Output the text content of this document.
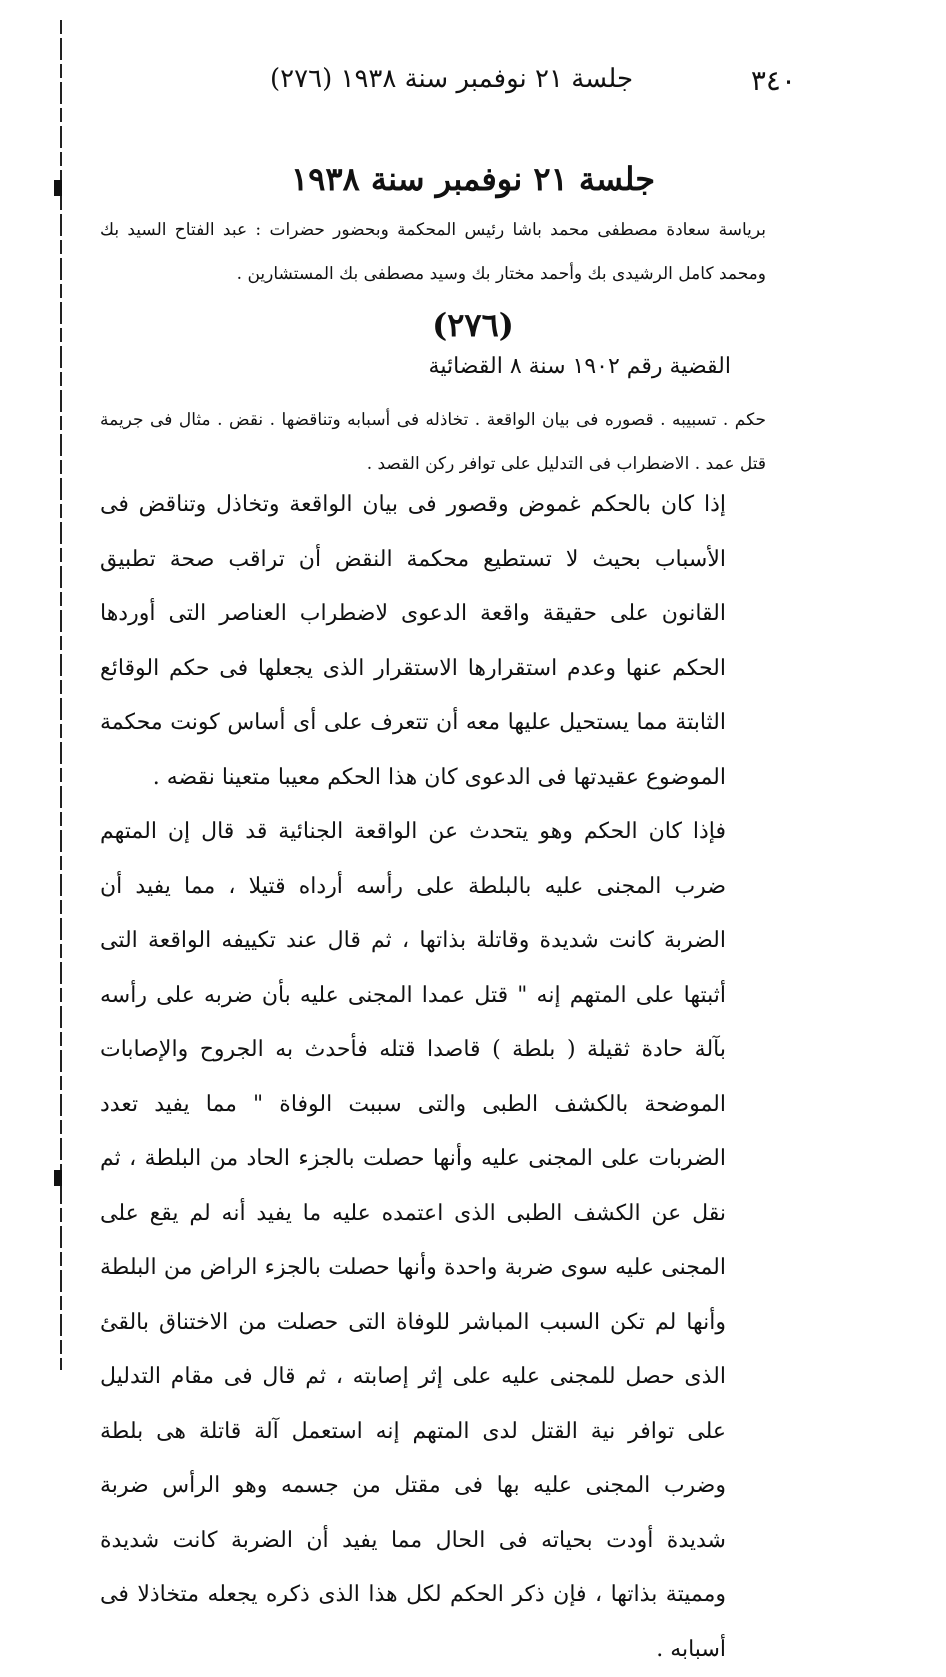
٣٤٠
جلسة ٢١ نوفمبر سنة ١٩٣٨ (٢٧٦)
جلسة ٢١ نوفمبر سنة ١٩٣٨

برياسة سعادة مصطفى محمد باشا رئيس المحكمة وبحضور حضرات : عبد الفتاح السيد بك ومحمد كامل الرشيدى بك وأحمد مختار بك وسيد مصطفى بك المستشارين .

(٢٧٦)
القضية رقم ١٩٠٢ سنة ٨ القضائية

حكم . تسبيبه . قصوره فى بيان الواقعة . تخاذله فى أسبابه وتناقضها . نقض . مثال فى جريمة قتل عمد . الاضطراب فى التدليل على توافر ركن القصد .

إذا كان بالحكم غموض وقصور فى بيان الواقعة وتخاذل وتناقض فى الأسباب بحيث لا تستطيع محكمة النقض أن تراقب صحة تطبيق القانون على حقيقة واقعة الدعوى لاضطراب العناصر التى أوردها الحكم عنها وعدم استقرارها الاستقرار الذى يجعلها فى حكم الوقائع الثابتة مما يستحيل عليها معه أن تتعرف على أى أساس كونت محكمة الموضوع عقيدتها فى الدعوى كان هذا الحكم معيبا متعينا نقضه .

فإذا كان الحكم وهو يتحدث عن الواقعة الجنائية قد قال إن المتهم ضرب المجنى عليه بالبلطة على رأسه أرداه قتيلا ، مما يفيد أن الضربة كانت شديدة وقاتلة بذاتها ، ثم قال عند تكييفه الواقعة التى أثبتها على المتهم إنه " قتل عمدا المجنى عليه بأن ضربه على رأسه بآلة حادة ثقيلة ( بلطة ) قاصدا قتله فأحدث به الجروح والإصابات الموضحة بالكشف الطبى والتى سببت الوفاة " مما يفيد تعدد الضربات على المجنى عليه وأنها حصلت بالجزء الحاد من البلطة ، ثم نقل عن الكشف الطبى الذى اعتمده عليه ما يفيد أنه لم يقع على المجنى عليه سوى ضربة واحدة وأنها حصلت بالجزء الراض من البلطة وأنها لم تكن السبب المباشر للوفاة التى حصلت من الاختناق بالقئ الذى حصل للمجنى عليه على إثر إصابته ، ثم قال فى مقام التدليل على توافر نية القتل لدى المتهم إنه استعمل آلة قاتلة هى بلطة وضرب المجنى عليه بها فى مقتل من جسمه وهو الرأس ضربة شديدة أودت بحياته فى الحال مما يفيد أن الضربة كانت شديدة ومميتة بذاتها ، فإن ذكر الحكم لكل هذا الذى ذكره يجعله متخاذلا فى أسبابه .
